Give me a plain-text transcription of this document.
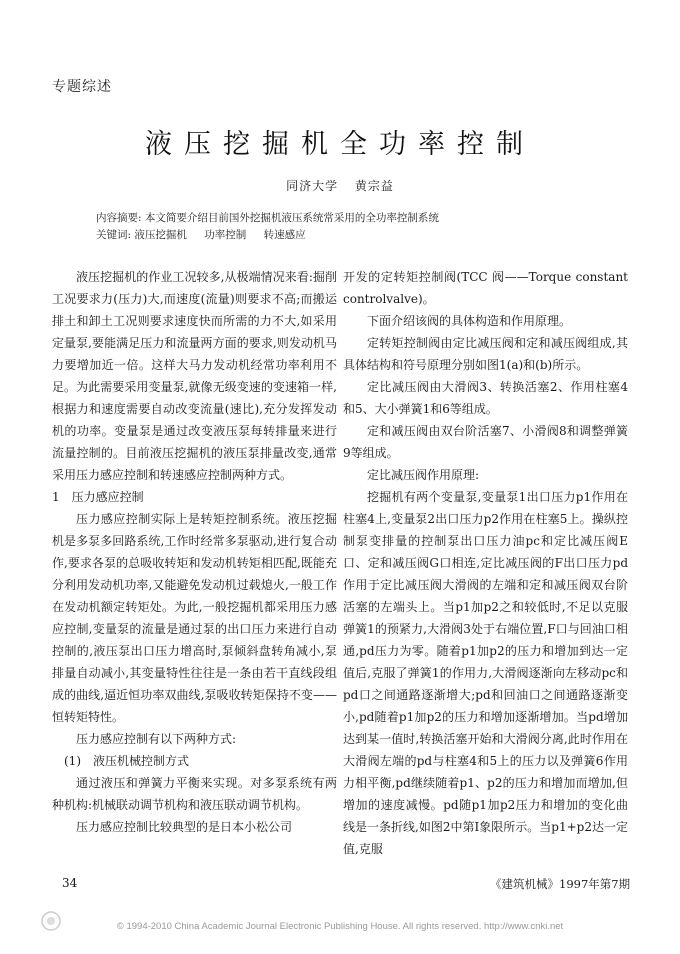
专题综述
液压挖掘机全功率控制
同济大学 黄宗益
内容摘要: 本文简要介绍目前国外挖掘机液压系统常采用的全功率控制系统
关键词: 液压挖掘机 功率控制 转速感应

液压挖掘机的作业工况较多,从极端情况来看:掘削工况要求力(压力)大,而速度(流量)则要求不高;而搬运排土和卸土工况则要求速度快而所需的力不大,如采用定量泵,要能满足压力和流量两方面的要求,则发动机马力要增加近一倍。这样大马力发动机经常功率利用不足。为此需要采用变量泵,就像无级变速的变速箱一样,根据力和速度需要自动改变流量(速比),充分发挥发动机的功率。变量泵是通过改变液压泵每转排量来进行流量控制的。目前液压挖掘机的液压泵排量改变,通常采用压力感应控制和转速感应控制两种方式。

1　压力感应控制

压力感应控制实际上是转矩控制系统。液压挖掘机是多泵多回路系统,工作时经常多泵驱动,进行复合动作,要求各泵的总吸收转矩和发动机转矩相匹配,既能充分利用发动机功率,又能避免发动机过载熄火,一般工作在发动机额定转矩处。为此,一般挖掘机都采用压力感应控制,变量泵的流量是通过泵的出口压力来进行自动控制的,液压泵出口压力增高时,泵倾斜盘转角减小,泵排量自动减小,其变量特性往往是一条由若干直线段组成的曲线,逼近恒功率双曲线,泵吸收转矩保持不变——恒转矩特性。

压力感应控制有以下两种方式:

(1)　液压机械控制方式

通过液压和弹簧力平衡来实现。对多泵系统有两种机构:机械联动调节机构和液压联动调节机构。

压力感应控制比较典型的是日本小松公司

开发的定转矩控制阀(TCC 阀——Torque constant controlvalve)。

下面介绍该阀的具体构造和作用原理。

定转矩控制阀由定比减压阀和定和减压阀组成,其具体结构和符号原理分别如图1(a)和(b)所示。

定比减压阀由大滑阀3、转换活塞2、作用柱塞4和5、大小弹簧1和6等组成。

定和减压阀由双台阶活塞7、小滑阀8和调整弹簧9等组成。

定比减压阀作用原理:

挖掘机有两个变量泵,变量泵1出口压力p1作用在柱塞4上,变量泵2出口压力p2作用在柱塞5上。操纵控制泵变排量的控制泵出口压力油pc和定比减压阀E口、定和减压阀G口相连,定比减压阀的F出口压力pd作用于定比减压阀大滑阀的左端和定和减压阀双台阶活塞的左端头上。当p1加p2之和较低时,不足以克服弹簧1的预紧力,大滑阀3处于右端位置,F口与回油口相通,pd压力为零。随着p1加p2的压力和增加到达一定值后,克服了弹簧1的作用力,大滑阀逐渐向左移动pc和pd口之间通路逐渐增大;pd和回油口之间通路逐渐变小,pd随着p1加p2的压力和增加逐渐增加。当pd增加达到某一值时,转换活塞开始和大滑阀分离,此时作用在大滑阀左端的pd与柱塞4和5上的压力以及弹簧6作用力相平衡,pd继续随着p1、p2的压力和增加而增加,但增加的速度减慢。pd随p1加p2压力和增加的变化曲线是一条折线,如图2中第Ⅰ象限所示。当p1+p2达一定值,克服

34	《建筑机械》1997年第7期
© 1994-2010 China Academic Journal Electronic Publishing House. All rights reserved. http://www.cnki.net
